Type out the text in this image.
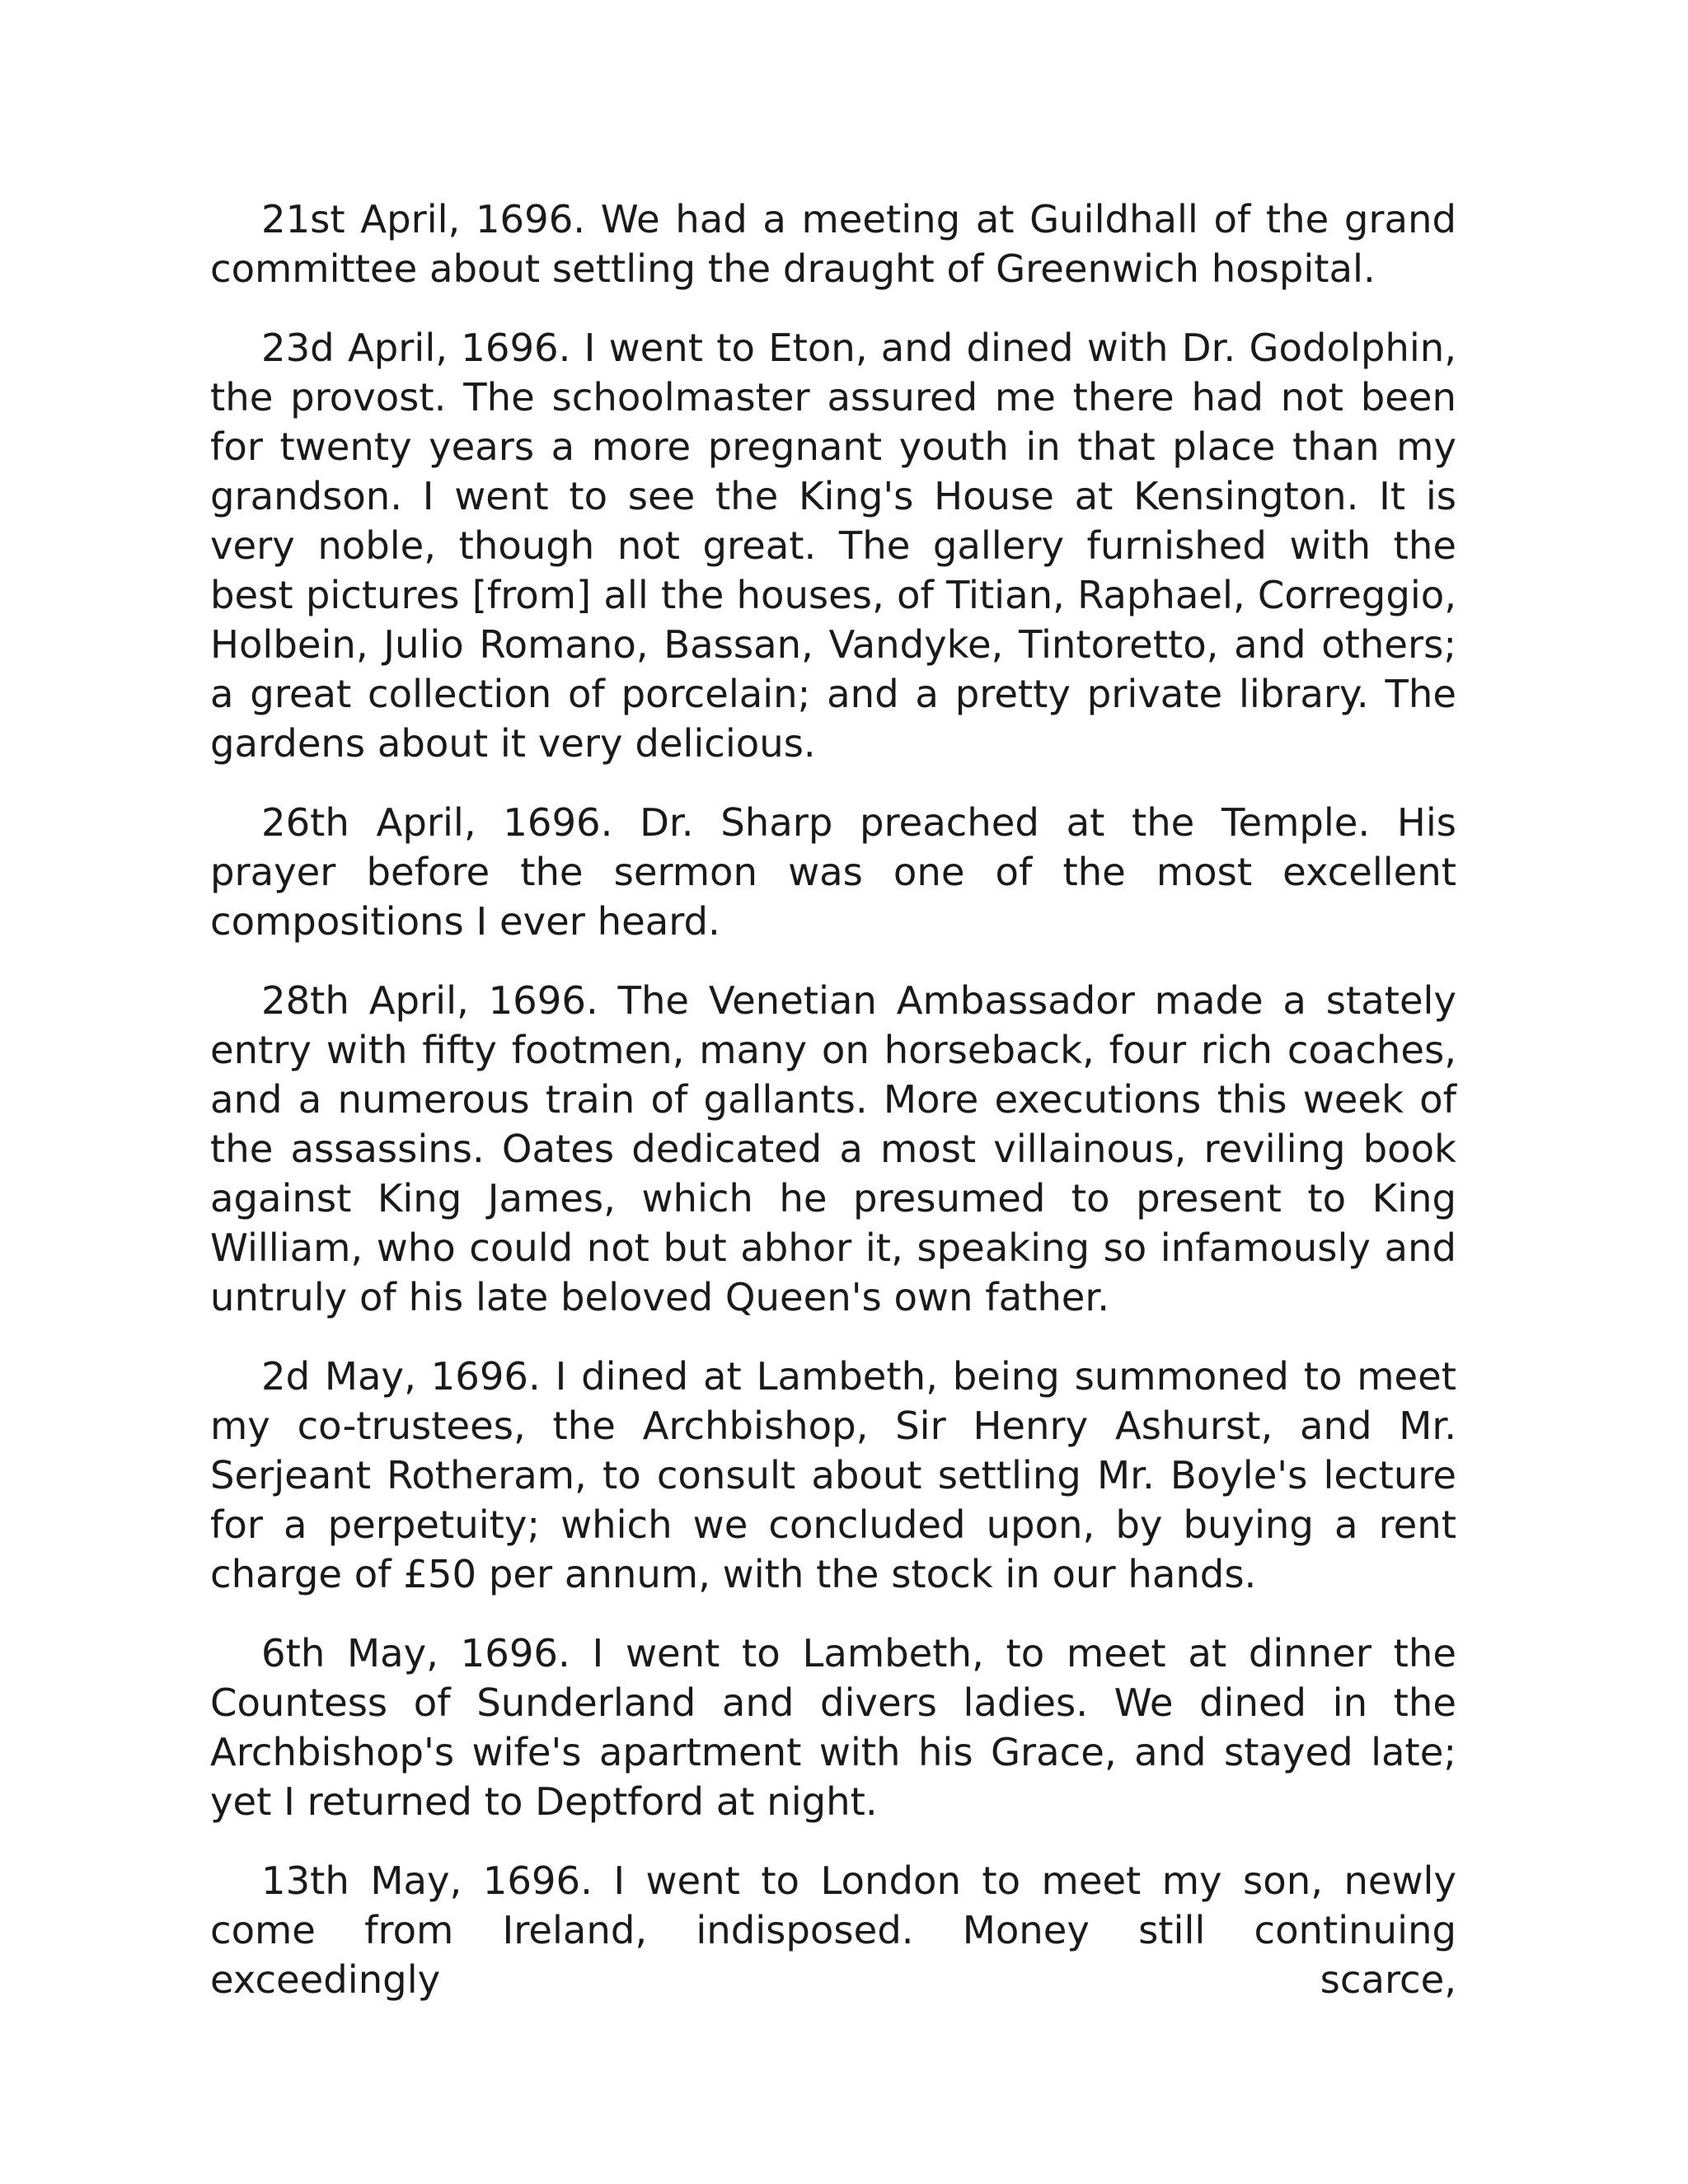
21st April, 1696. We had a meeting at Guildhall of the grand committee about settling the draught of Greenwich hospital.

23d April, 1696. I went to Eton, and dined with Dr. Godolphin, the provost. The schoolmaster assured me there had not been for twenty years a more pregnant youth in that place than my grandson. I went to see the King's House at Kensington. It is very noble, though not great. The gallery furnished with the best pictures [from] all the houses, of Titian, Raphael, Correggio, Holbein, Julio Romano, Bassan, Vandyke, Tintoretto, and others; a great collection of porcelain; and a pretty private library. The gardens about it very delicious.

26th April, 1696. Dr. Sharp preached at the Temple. His prayer before the sermon was one of the most excellent compositions I ever heard.

28th April, 1696. The Venetian Ambassador made a stately entry with fifty footmen, many on horseback, four rich coaches, and a numerous train of gallants. More executions this week of the assassins. Oates dedicated a most villainous, reviling book against King James, which he presumed to present to King William, who could not but abhor it, speaking so infamously and untruly of his late beloved Queen's own father.

2d May, 1696. I dined at Lambeth, being summoned to meet my co-trustees, the Archbishop, Sir Henry Ashurst, and Mr. Serjeant Rotheram, to consult about settling Mr. Boyle's lecture for a perpetuity; which we concluded upon, by buying a rent charge of £50 per annum, with the stock in our hands.

6th May, 1696. I went to Lambeth, to meet at dinner the Countess of Sunderland and divers ladies. We dined in the Archbishop's wife's apartment with his Grace, and stayed late; yet I returned to Deptford at night.

13th May, 1696. I went to London to meet my son, newly come from Ireland, indisposed. Money still continuing exceedingly scarce,
